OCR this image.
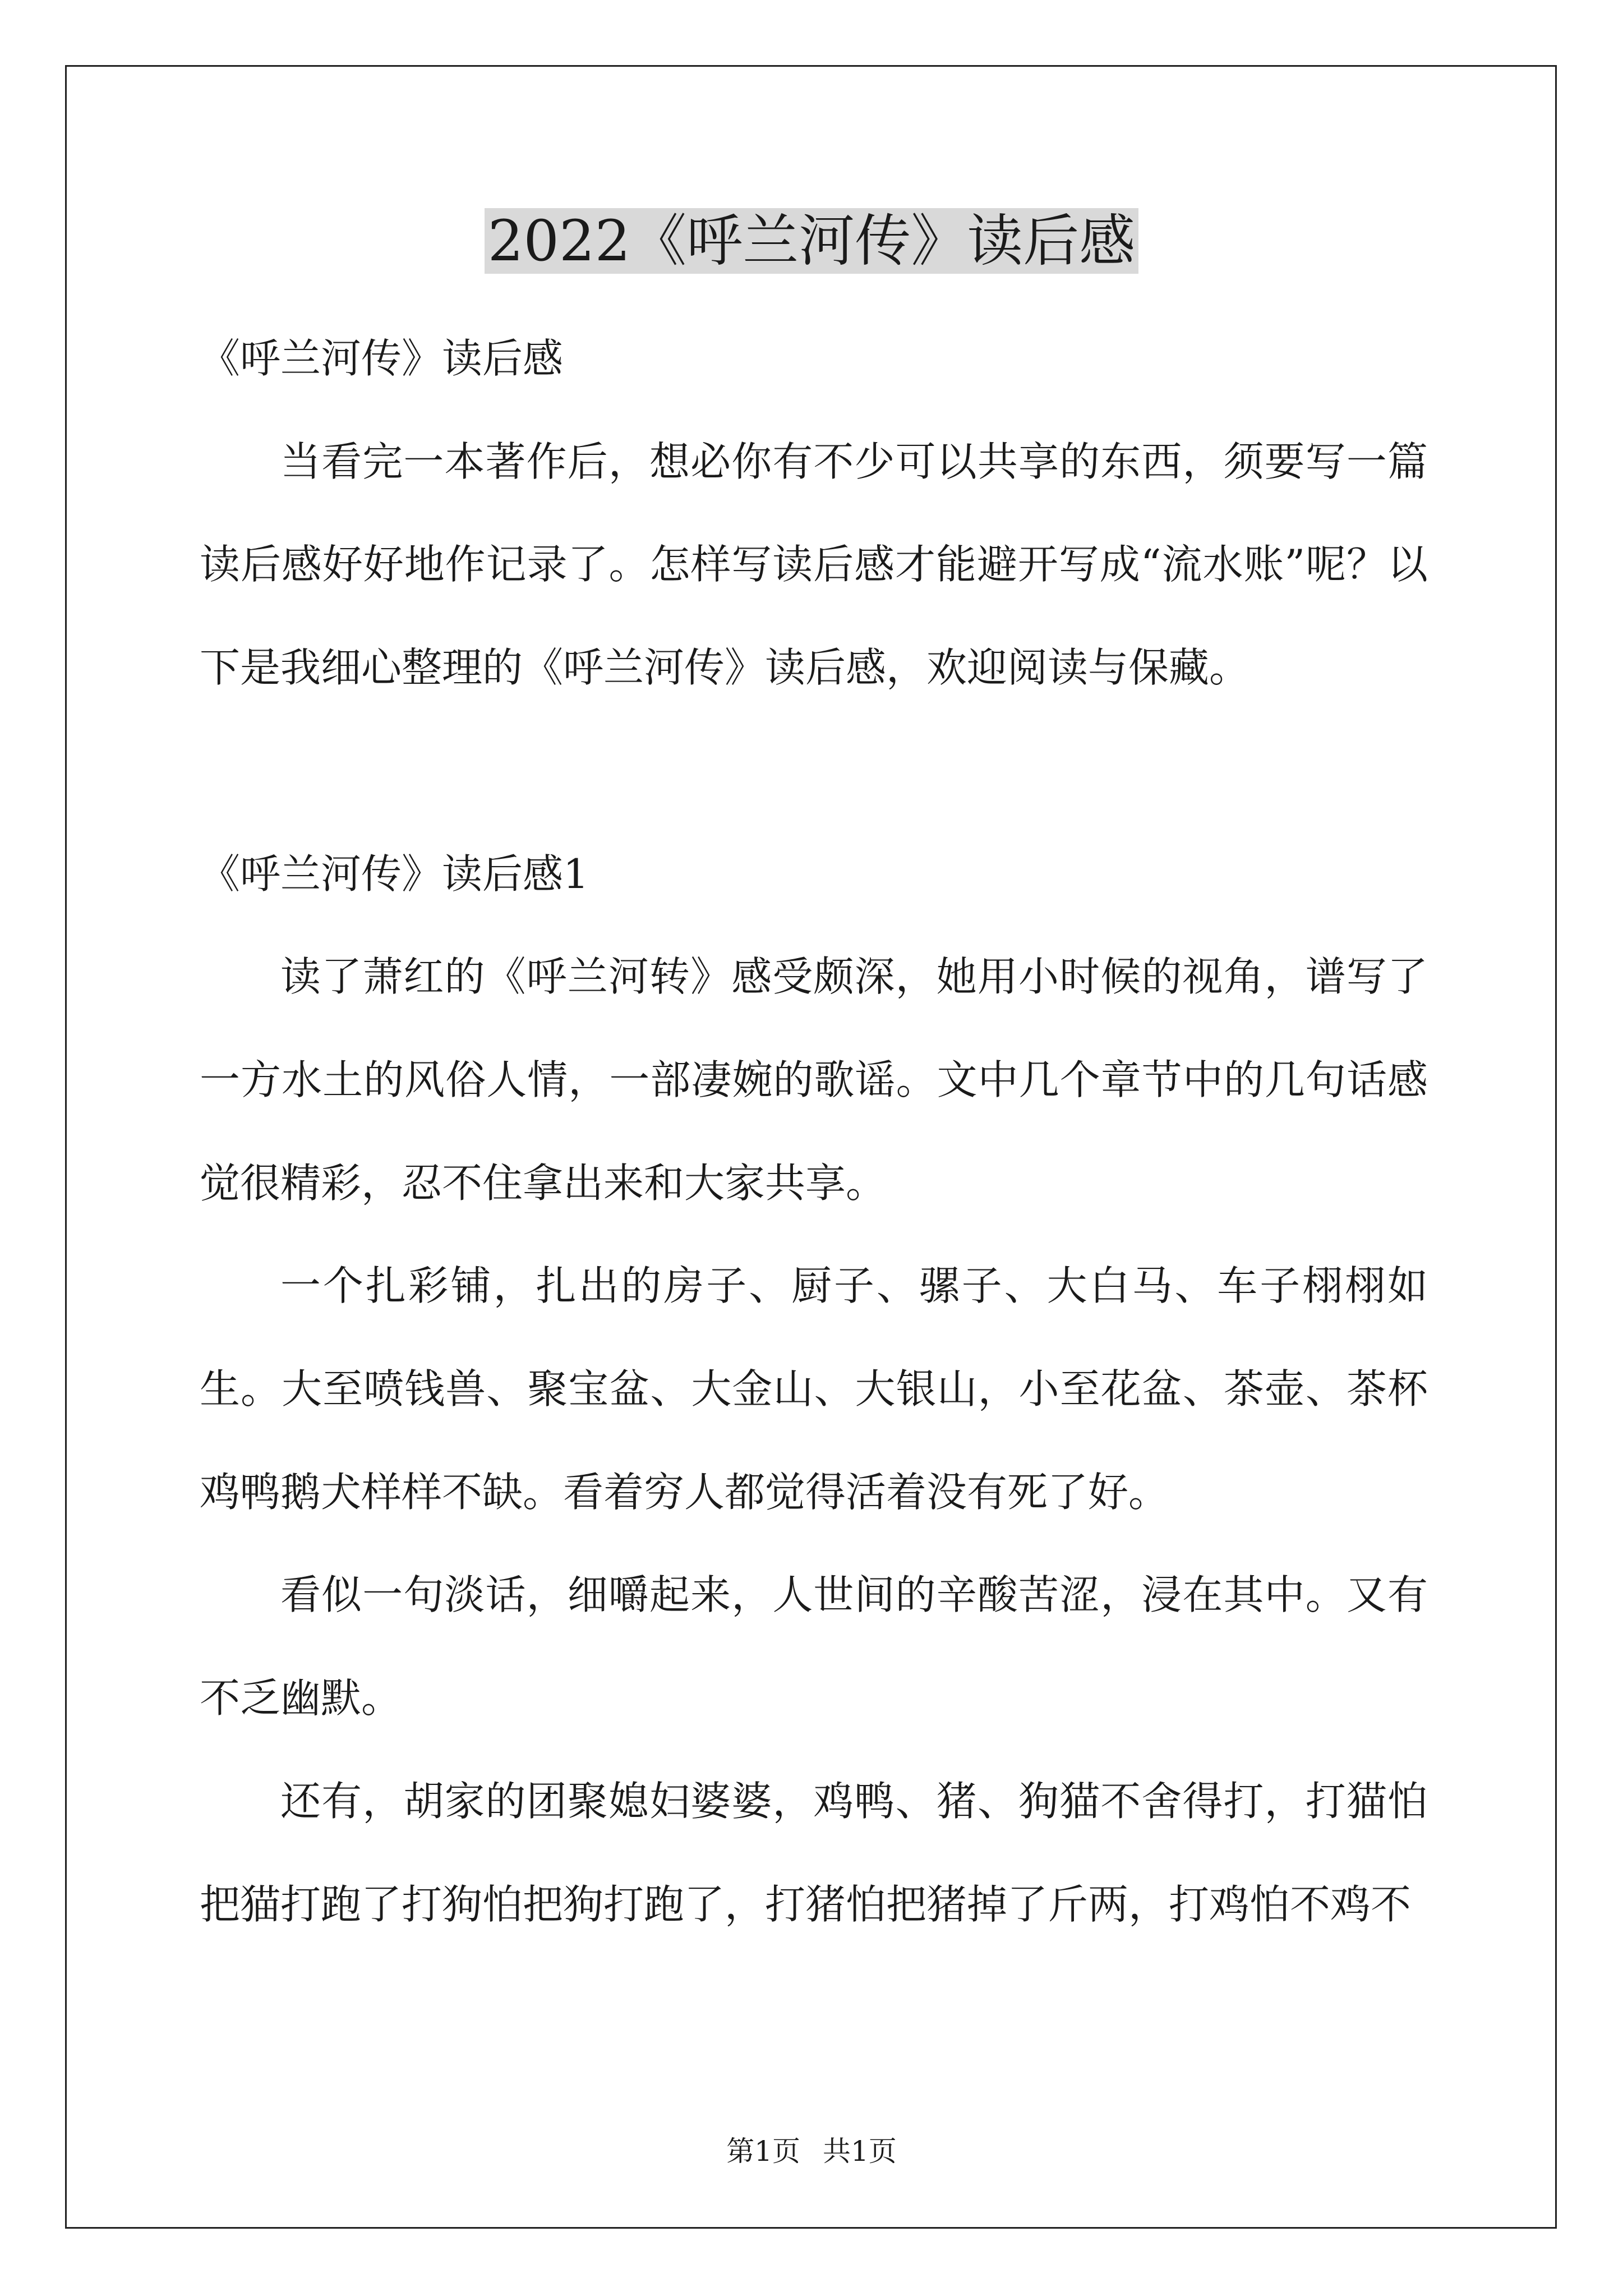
2022《呼兰河传》读后感

《呼兰河传》读后感

当看完一本著作后，想必你有不少可以共享的东西，须要写一篇读后感好好地作记录了。怎样写读后感才能避开写成“流水账”呢？以下是我细心整理的《呼兰河传》读后感，欢迎阅读与保藏。

《呼兰河传》读后感1

读了萧红的《呼兰河转》感受颇深，她用小时候的视角，谱写了一方水土的风俗人情，一部凄婉的歌谣。文中几个章节中的几句话感觉很精彩，忍不住拿出来和大家共享。

一个扎彩铺，扎出的房子、厨子、骡子、大白马、车子栩栩如生。大至喷钱兽、聚宝盆、大金山、大银山，小至花盆、茶壶、茶杯鸡鸭鹅犬样样不缺。看着穷人都觉得活着没有死了好。

看似一句淡话，细嚼起来，人世间的辛酸苦涩，浸在其中。又有不乏幽默。

还有，胡家的团聚媳妇婆婆，鸡鸭、猪、狗猫不舍得打，打猫怕把猫打跑了打狗怕把狗打跑了，打猪怕把猪掉了斤两，打鸡怕不鸡不

第1页 共1页
